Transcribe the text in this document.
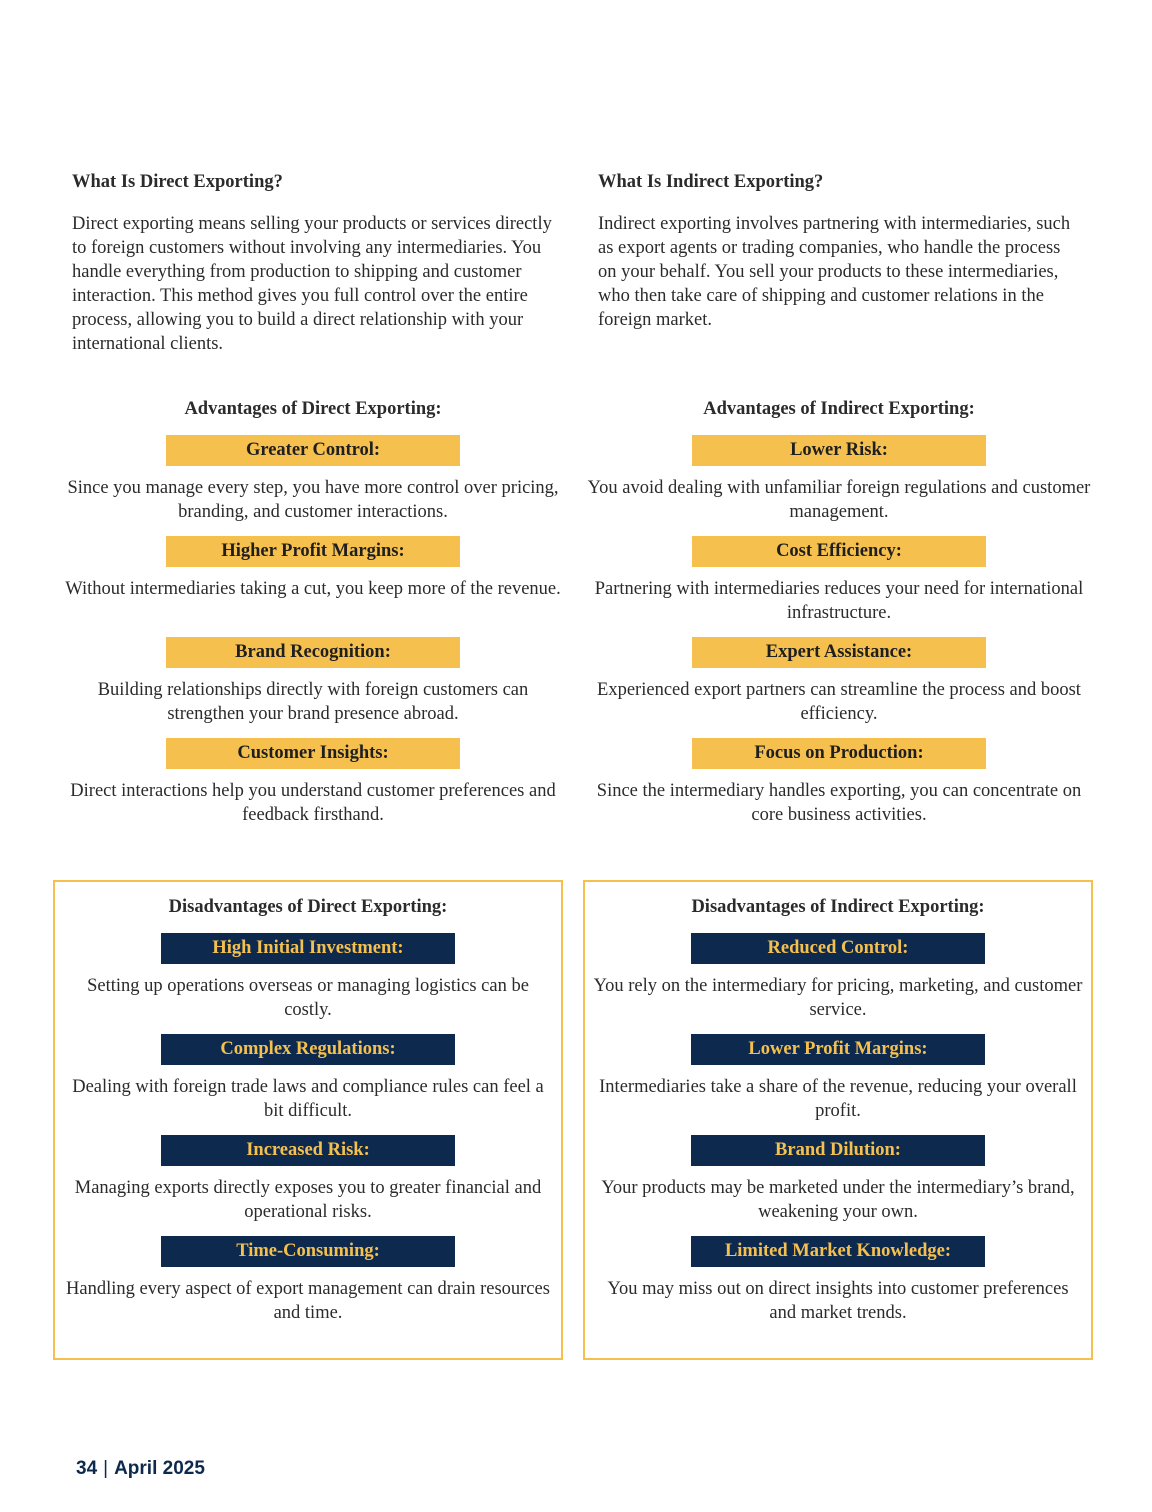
What Is Direct Exporting?

Direct exporting means selling your products or services directly to foreign customers without involving any intermediaries. You handle everything from production to shipping and customer interaction. This method gives you full control over the entire process, allowing you to build a direct relationship with your international clients.

What Is Indirect Exporting?

Indirect exporting involves partnering with intermediaries, such as export agents or trading companies, who handle the process on your behalf. You sell your products to these intermediaries, who then take care of shipping and customer relations in the foreign market.

Advantages of Direct Exporting:
Greater Control:

Since you manage every step, you have more control over pricing, branding, and customer interactions.

Higher Profit Margins:

Without intermediaries taking a cut, you keep more of the revenue.

Brand Recognition:

Building relationships directly with foreign customers can strengthen your brand presence abroad.

Customer Insights:

Direct interactions help you understand customer preferences and feedback firsthand.

Advantages of Indirect Exporting:
Lower Risk:

You avoid dealing with unfamiliar foreign regulations and customer management.

Cost Efficiency:

Partnering with intermediaries reduces your need for international infrastructure.

Expert Assistance:

Experienced export partners can streamline the process and boost efficiency.

Focus on Production:

Since the intermediary handles exporting, you can concentrate on core business activities.

Disadvantages of Direct Exporting:
High Initial Investment:

Setting up operations overseas or managing logistics can be costly.

Complex Regulations:

Dealing with foreign trade laws and compliance rules can feel a bit difficult.

Increased Risk:

Managing exports directly exposes you to greater financial and operational risks.

Time-Consuming:

Handling every aspect of export management can drain resources and time.

Disadvantages of Indirect Exporting:
Reduced Control:

You rely on the intermediary for pricing, marketing, and customer service.

Lower Profit Margins:

Intermediaries take a share of the revenue, reducing your overall profit.

Brand Dilution:

Your products may be marketed under the intermediary’s brand, weakening your own.

Limited Market Knowledge:

You may miss out on direct insights into customer preferences and market trends.

34 | April 2025
